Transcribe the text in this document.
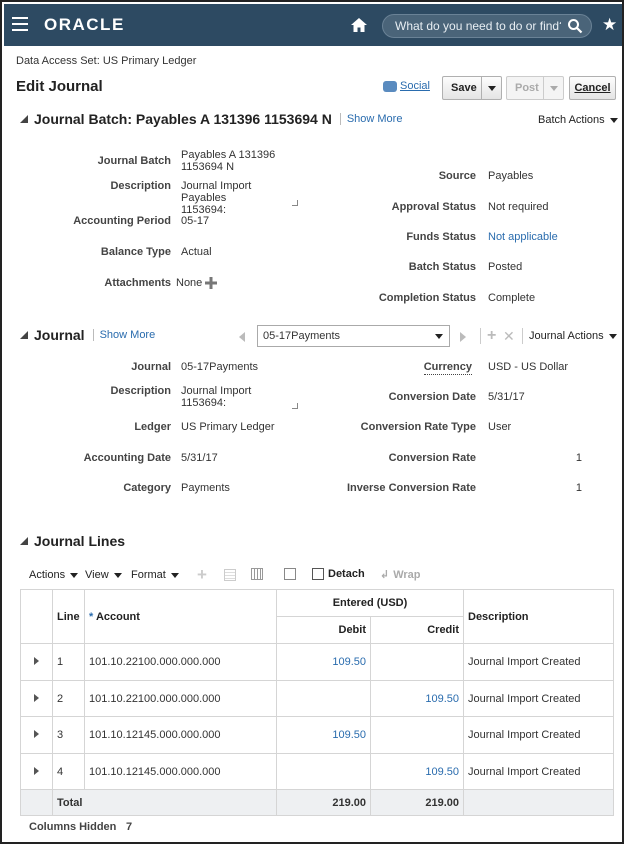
ORACLE
What do you need to do or find?	★
Data Access Set: US Primary Ledger
Edit Journal	Social Save	Post	Cancel
Journal Batch: Payables A 131396 1153694 N	Show More	Batch Actions
Journal Batch Payables A 131396
1153694 N
Description Journal Import Payables
1153694:
Accounting Period 05-17
Balance Type Actual
Attachments None
Source Payables
Approval Status Not required
Funds Status Not applicable
Batch Status Posted
Completion Status Complete
Journal	Show More	05-17Payments	+ ✕ Journal Actions
Journal 05-17Payments
Description Journal Import 1153694:
Ledger US Primary Ledger
Accounting Date 5/31/17
Category Payments
Currency USD - US Dollar
Conversion Date 5/31/17
Conversion Rate Type User
Conversion Rate	1
Inverse Conversion Rate	1
Journal Lines
Actions View Format +	Detach ↲ Wrap
	Line	* Account	Entered (USD)		Description
			Debit	Credit	
	1	101.10.22100.000.000.000	109.50		Journal Import Created
	2	101.10.22100.000.000.000		109.50	Journal Import Created
	3	101.10.12145.000.000.000	109.50		Journal Import Created
	4	101.10.12145.000.000.000		109.50	Journal Import Created
	Total		219.00	219.00	
Columns Hidden 7
